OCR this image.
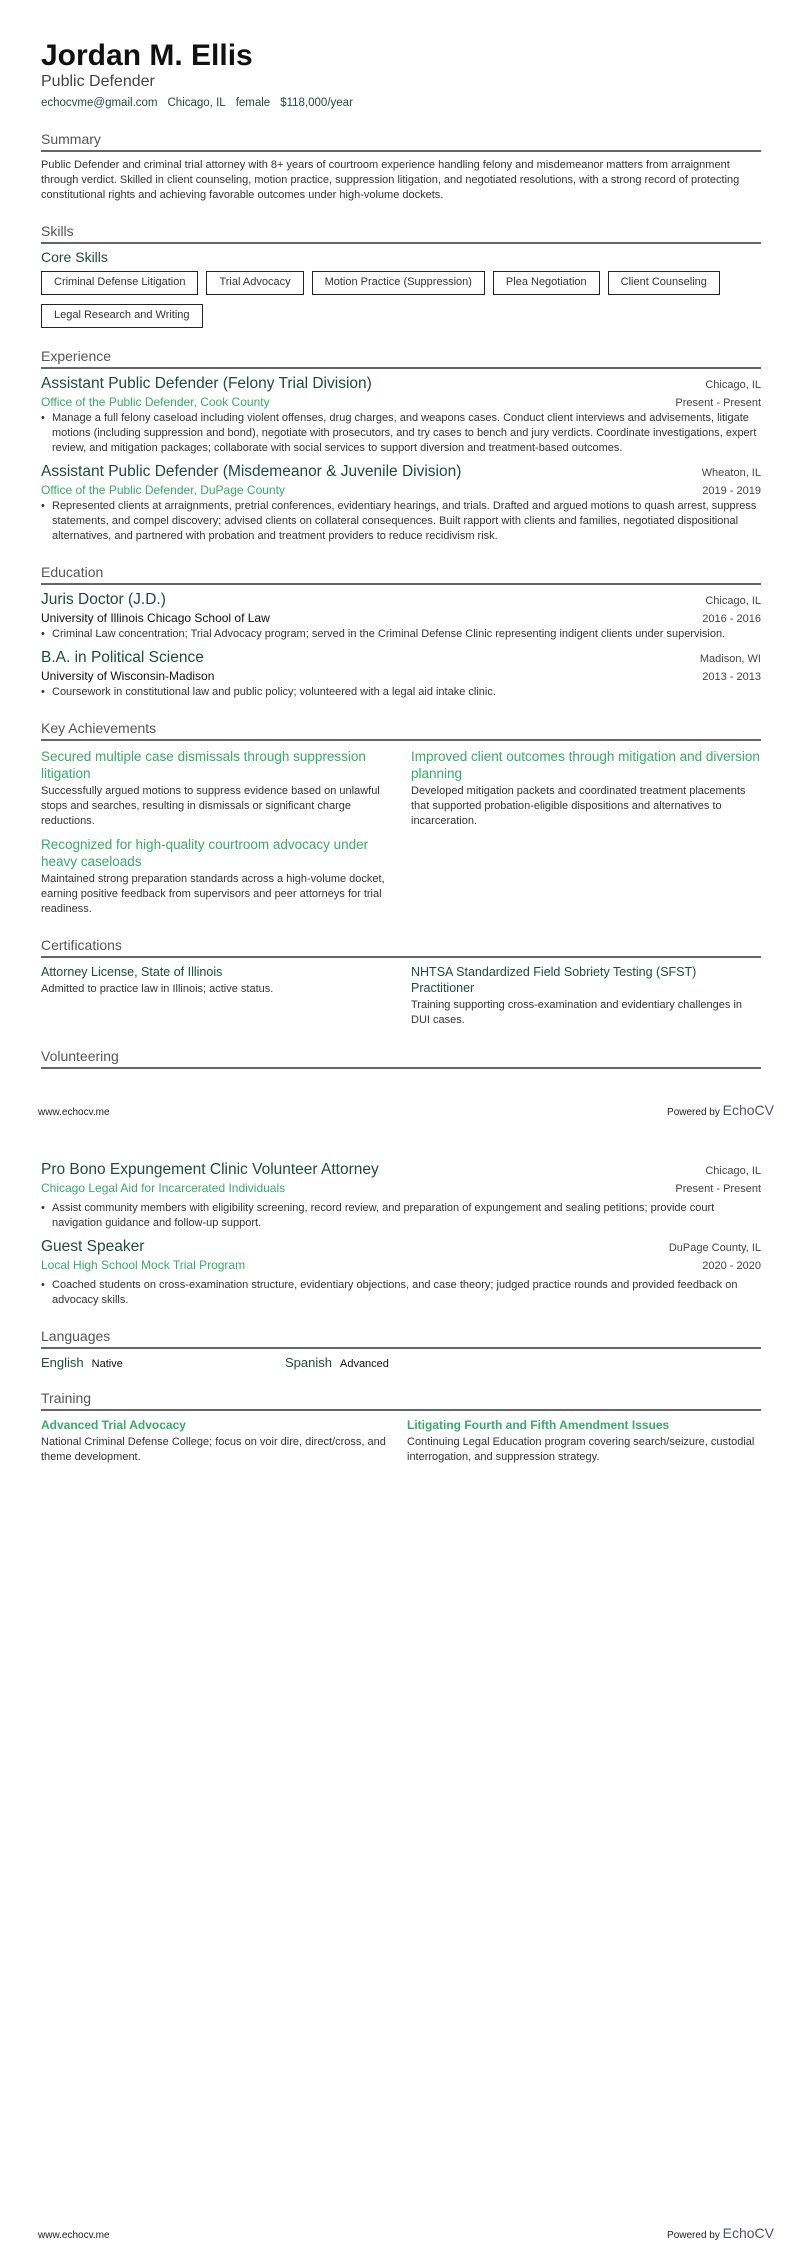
Jordan M. Ellis
Public Defender
echocvme@gmail.com Chicago, IL female $118,000/year
Summary

Public Defender and criminal trial attorney with 8+ years of courtroom experience handling felony and misdemeanor matters from arraignment through verdict. Skilled in client counseling, motion practice, suppression litigation, and negotiated resolutions, with a strong record of protecting constitutional rights and achieving favorable outcomes under high-volume dockets.

Skills
Core Skills
Criminal Defense Litigation	Trial Advocacy	Motion Practice (Suppression)	Plea Negotiation	Client Counseling
Legal Research and Writing
Experience
Assistant Public Defender (Felony Trial Division)	Chicago, IL
Office of the Public Defender, Cook County	Present - Present
• Manage a full felony caseload including violent offenses, drug charges, and weapons cases. Conduct client interviews and advisements, litigate motions (including suppression and bond), negotiate with prosecutors, and try cases to bench and jury verdicts. Coordinate investigations, expert review, and mitigation packages; collaborate with social services to support diversion and treatment-based outcomes.
Assistant Public Defender (Misdemeanor & Juvenile Division)	Wheaton, IL
Office of the Public Defender, DuPage County	2019 - 2019
• Represented clients at arraignments, pretrial conferences, evidentiary hearings, and trials. Drafted and argued motions to quash arrest, suppress statements, and compel discovery; advised clients on collateral consequences. Built rapport with clients and families, negotiated dispositional alternatives, and partnered with probation and treatment providers to reduce recidivism risk.
Education
Juris Doctor (J.D.)	Chicago, IL
University of Illinois Chicago School of Law	2016 - 2016
• Criminal Law concentration; Trial Advocacy program; served in the Criminal Defense Clinic representing indigent clients under supervision.
B.A. in Political Science	Madison, WI
University of Wisconsin-Madison	2013 - 2013
• Coursework in constitutional law and public policy; volunteered with a legal aid intake clinic.
Key Achievements
Secured multiple case dismissals through suppression litigation
Successfully argued motions to suppress evidence based on unlawful stops and searches, resulting in dismissals or significant charge reductions.
Improved client outcomes through mitigation and diversion planning
Developed mitigation packets and coordinated treatment placements that supported probation-eligible dispositions and alternatives to incarceration.
Recognized for high-quality courtroom advocacy under heavy caseloads
Maintained strong preparation standards across a high-volume docket, earning positive feedback from supervisors and peer attorneys for trial readiness.
Certifications
Attorney License, State of Illinois
Admitted to practice law in Illinois; active status.
NHTSA Standardized Field Sobriety Testing (SFST) Practitioner
Training supporting cross-examination and evidentiary challenges in DUI cases.
Volunteering
www.echocv.me	Powered by EchoCV
Pro Bono Expungement Clinic Volunteer Attorney	Chicago, IL
Chicago Legal Aid for Incarcerated Individuals	Present - Present
• Assist community members with eligibility screening, record review, and preparation of expungement and sealing petitions; provide court navigation guidance and follow-up support.
Guest Speaker	DuPage County, IL
Local High School Mock Trial Program	2020 - 2020
• Coached students on cross-examination structure, evidentiary objections, and case theory; judged practice rounds and provided feedback on advocacy skills.
Languages
English Native	Spanish Advanced
Training
Advanced Trial Advocacy
National Criminal Defense College; focus on voir dire, direct/cross, and theme development.
Litigating Fourth and Fifth Amendment Issues
Continuing Legal Education program covering search/seizure, custodial interrogation, and suppression strategy.
www.echocv.me	Powered by EchoCV
